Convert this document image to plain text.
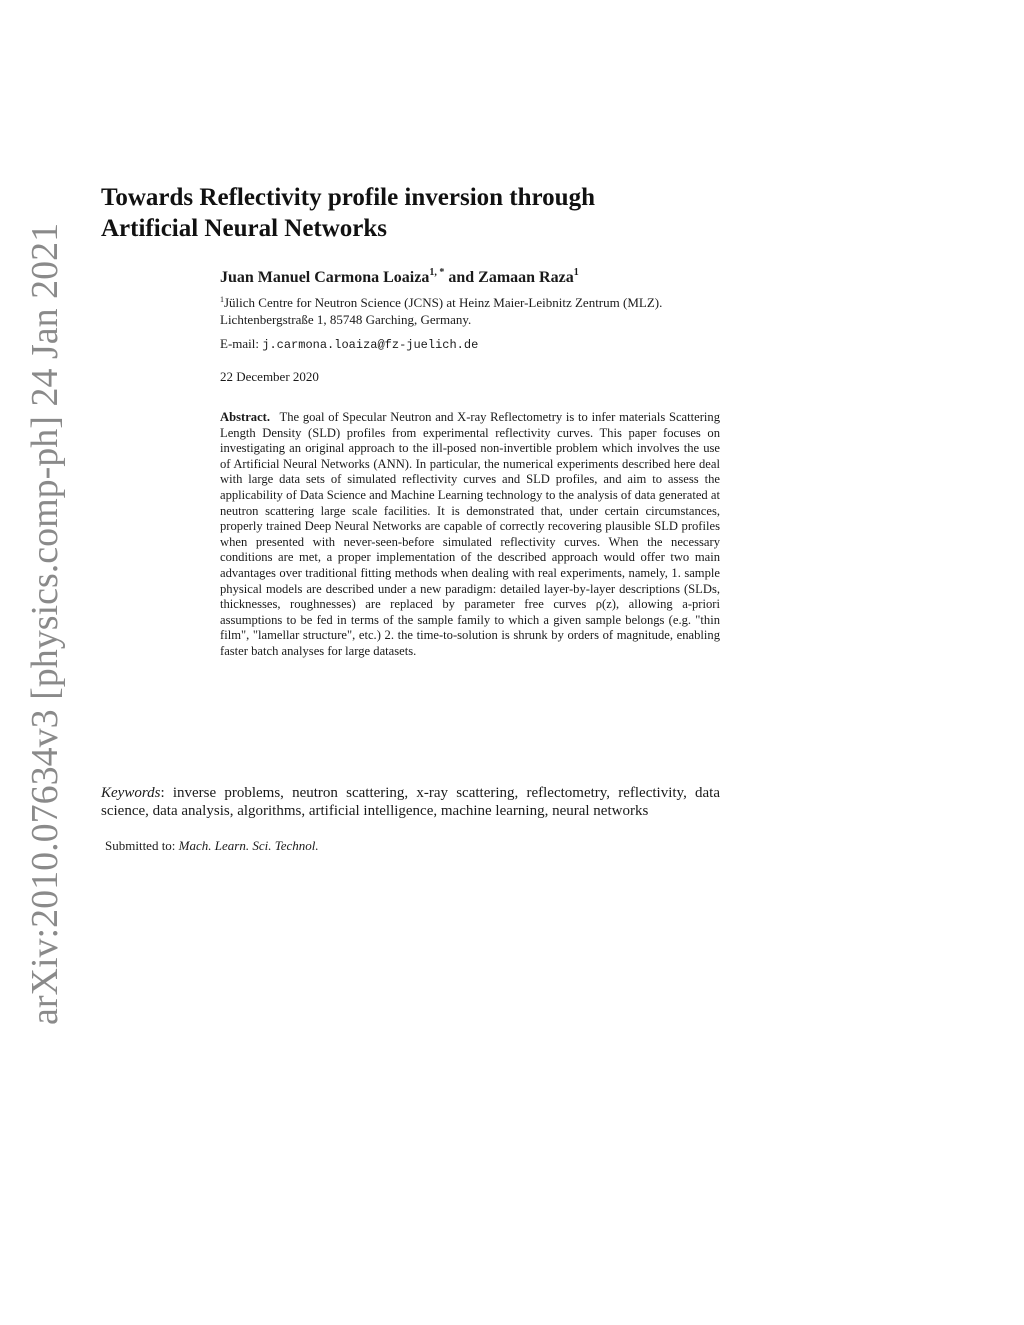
arXiv:2010.07634v3 [physics.comp-ph] 24 Jan 2021
Towards Reflectivity profile inversion through
Artificial Neural Networks
Juan Manuel Carmona Loaiza$^{1, *}$ and Zamaan Raza$^1$
$^1$Jülich Centre for Neutron Science (JCNS) at Heinz Maier-Leibnitz Zentrum (MLZ). Lichtenbergstraße 1, 85748 Garching, Germany.
E-mail: j.carmona.loaiza@fz-juelich.de
22 December 2020
Abstract. The goal of Specular Neutron and X-ray Reflectometry is to infer materials Scattering Length Density (SLD) profiles from experimental reflectivity curves. This paper focuses on investigating an original approach to the ill-posed non-invertible problem which involves the use of Artificial Neural Networks (ANN). In particular, the numerical experiments described here deal with large data sets of simulated reflectivity curves and SLD profiles, and aim to assess the applicability of Data Science and Machine Learning technology to the analysis of data generated at neutron scattering large scale facilities. It is demonstrated that, under certain circumstances, properly trained Deep Neural Networks are capable of correctly recovering plausible SLD profiles when presented with never-seen-before simulated reflectivity curves. When the necessary conditions are met, a proper implementation of the described approach would offer two main advantages over traditional fitting methods when dealing with real experiments, namely, 1. sample physical models are described under a new paradigm: detailed layer-by-layer descriptions (SLDs, thicknesses, roughnesses) are replaced by parameter free curves ρ(z), allowing a-priori assumptions to be fed in terms of the sample family to which a given sample belongs (e.g. "thin film", "lamellar structure", etc.) 2. the time-to-solution is shrunk by orders of magnitude, enabling faster batch analyses for large datasets.
Keywords: inverse problems, neutron scattering, x-ray scattering, reflectometry, reflectivity, data science, data analysis, algorithms, artificial intelligence, machine learning, neural networks
Submitted to: Mach. Learn. Sci. Technol.
